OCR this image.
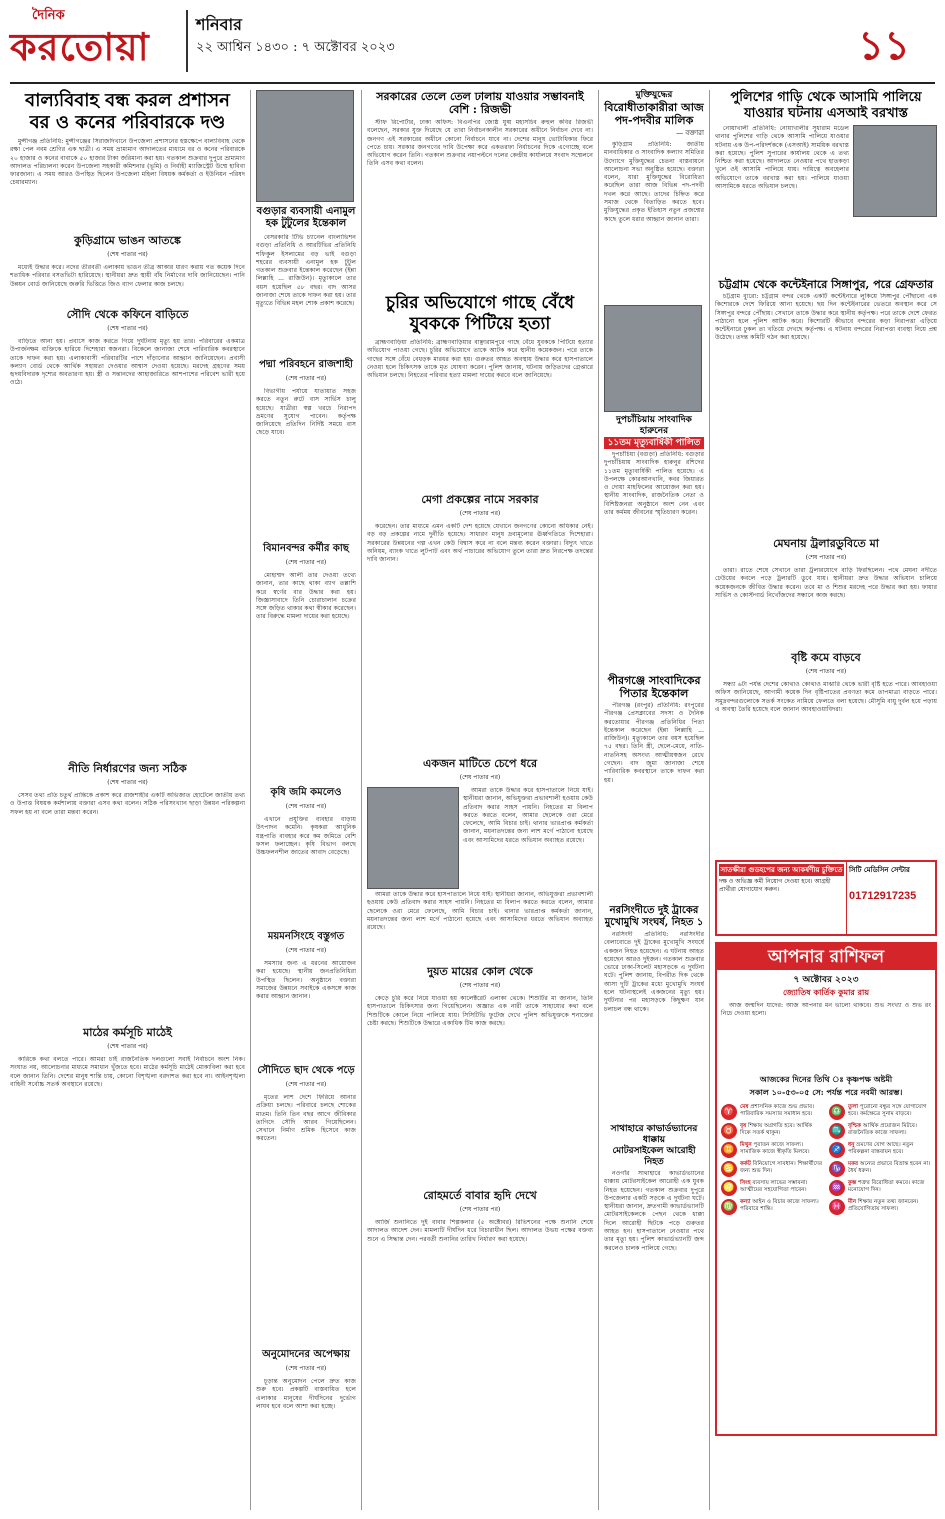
দৈনিক
করতোয়া	শনিবার
২২ আশ্বিন ১৪৩০ : ৭ অক্টোবর ২০২৩	১১
বাল্যবিবাহ বন্ধ করল প্রশাসন
বর ও কনের পরিবারকে দণ্ড

মুন্সীগঞ্জ প্রতিনিধি: মুন্সীগঞ্জের সিরাজদিখানে উপজেলা প্রশাসনের হস্তক্ষেপে বাল্যবিবাহ থেকে রক্ষা পেল নবম শ্রেণির এক ছাত্রী। এ সময় ভ্রাম্যমাণ আদালতের মাধ্যমে বর ও কনের পরিবারকে ২০ হাজার ও কনের বাবাকে ৫০ হাজার টাকা জরিমানা করা হয়। গতকাল শুক্রবার দুপুরে ভ্রাম্যমাণ আদালত পরিচালনা করেন উপজেলা সহকারী কমিশনার (ভূমি) ও নির্বাহী ম্যাজিস্ট্রেট উম্মে হাবিবা ফারজানা। এ সময় আরও উপস্থিত ছিলেন উপজেলা মহিলা বিষয়ক কর্মকর্তা ও ইউনিয়ন পরিষদ চেয়ারম্যান।

কুড়িগ্রামে ভাঙন আতঙ্কে
(শেষ পাতার পর)

মধ্যেই উদ্ধার করে। নদের তীরবর্তী এলাকায় ভাঙন তীব্র আকার ধারণ করায় গত কয়েক দিনে শতাধিক পরিবার বসতভিটা হারিয়েছে। স্থানীয়রা দ্রুত স্থায়ী বাঁধ নির্মাণের দাবি জানিয়েছেন। পানি উন্নয়ন বোর্ড জানিয়েছে জরুরি ভিত্তিতে জিও ব্যাগ ফেলার কাজ চলছে।

সৌদি থেকে কফিনে বাড়িতে
(শেষ পাতার পর)

বাড়িতে আনা হয়। প্রবাসে কাজ করতে গিয়ে দুর্ঘটনায় মৃত্যু হয় তার। পরিবারের একমাত্র উপার্জনক্ষম ব্যক্তিকে হারিয়ে দিশেহারা স্বজনরা। বিকেলে জানাজা শেষে পারিবারিক কবরস্থানে তাকে দাফন করা হয়। এলাকাবাসী পরিবারটির পাশে দাঁড়ানোর আহ্বান জানিয়েছেন। প্রবাসী কল্যাণ বোর্ড থেকে আর্থিক সহায়তা দেওয়ার আশ্বাস দেওয়া হয়েছে। মরদেহ গ্রহণের সময় হৃদয়বিদারক দৃশ্যের অবতারণা হয়। স্ত্রী ও সন্তানদের আহাজারিতে আশপাশের পরিবেশ ভারী হয়ে ওঠে।

নীতি নির্ধারণের জন্য সঠিক
(শেষ পাতার পর)

সেসব তথ্য প্রতি চতুর্থ প্রান্তিকে প্রকাশ করে রাজশাহীর একটি অভিজাত হোটেলে জাতীয় তথ্য ও উপাত্ত বিষয়ক কর্মশালায় বক্তারা এসব কথা বলেন। সঠিক পরিসংখ্যান ছাড়া উন্নয়ন পরিকল্পনা সফল হয় না বলে তারা মন্তব্য করেন।

মাঠের কর্মসূচি মাঠেই
(শেষ পাতার পর)

কারিকে কথা বলতে পারে। আমরা চাই রাজনৈতিক দলগুলো সবাই নির্বাচনে অংশ নিক। সংঘাত নয়, আলোচনার মাধ্যমে সমাধান খুঁজতে হবে। মাঠের কর্মসূচি মাঠেই মোকাবিলা করা হবে বলে জানান তিনি। দেশের মানুষ শান্তি চায়, কোনো বিশৃঙ্খলা বরদাশত করা হবে না। আইনশৃঙ্খলা বাহিনী সর্বোচ্চ সতর্ক অবস্থানে রয়েছে।

বগুড়ার ব্যবসায়ী এনামুল হক টুটুলের ইন্তেকাল

বেসরকারি টিভি চ্যানেল বাংলাভিশন বগুড়া প্রতিনিধি ও আরটিভির প্রতিনিধি শফিকুল ইসলামের বড় ভাই বগুড়া শহরের ব্যবসায়ী এনামুল হক টুটুল গতকাল শুক্রবার ইন্তেকাল করেছেন (ইন্না লিল্লাহি ... রাজিউন)। মৃত্যুকালে তার বয়স হয়েছিল ৫৮ বছর। বাদ আসর জানাজা শেষে তাকে দাফন করা হয়। তার মৃত্যুতে বিভিন্ন মহল শোক প্রকাশ করেছে।

পদ্মা পরিবহনে রাজশাহী
(শেষ পাতার পর)

বিভাগীয় পর্যায়ে যাতায়াত সহজ করতে নতুন রুটে বাস সার্ভিস চালু হয়েছে। যাত্রীরা স্বল্প খরচে নিরাপদ ভ্রমণের সুযোগ পাবেন। কর্তৃপক্ষ জানিয়েছে প্রতিদিন নির্দিষ্ট সময়ে বাস ছেড়ে যাবে।

বিমানবন্দর কর্মীর কাছ
(শেষ পাতার পর)

মোহাম্মদ আলী তার দেওয়া তথ্যে জানান, তার কাছে থাকা ব্যাগ তল্লাশি করে স্বর্ণের বার উদ্ধার করা হয়। জিজ্ঞাসাবাদে তিনি চোরাচালান চক্রের সঙ্গে জড়িত থাকার কথা স্বীকার করেছেন। তার বিরুদ্ধে মামলা দায়ের করা হয়েছে।

কৃষি জমি কমলেও
(শেষ পাতার পর)

এখানে প্রযুক্তির ব্যবহার বাড়ায় উৎপাদন কমেনি। কৃষকরা আধুনিক যন্ত্রপাতি ব্যবহার করে কম জমিতে বেশি ফসল ফলাচ্ছেন। কৃষি বিভাগ বলছে উচ্চফলনশীল জাতের আবাদ বেড়েছে।

ময়মনসিংহে বস্তুগত
(শেষ পাতার পর)

সমস্যার জন্য এ ধরনের আয়োজন করা হয়েছে। স্থানীয় জনপ্রতিনিধিরা উপস্থিত ছিলেন। অনুষ্ঠানে বক্তারা সমাজের উন্নয়নে সবাইকে একসঙ্গে কাজ করার আহ্বান জানান।

সৌদিতে ছাদ থেকে পড়ে
(শেষ পাতার পর)

মৃতের লাশ দেশে ফিরিয়ে আনার প্রক্রিয়া চলছে। পরিবারে চলছে শোকের মাতম। তিনি তিন বছর আগে জীবিকার তাগিদে সৌদি আরব গিয়েছিলেন। সেখানে নির্মাণ শ্রমিক হিসেবে কাজ করতেন।

অনুমোদনের অপেক্ষায়
(শেষ পাতার পর)

চূড়ান্ত অনুমোদন পেলে দ্রুত কাজ শুরু হবে। প্রকল্পটি বাস্তবায়িত হলে এলাকার মানুষের দীর্ঘদিনের দুর্ভোগ লাঘব হবে বলে আশা করা হচ্ছে।

সরকারের তেলে তেল ঢালায় যাওয়ার সম্ভাবনাই বেশি : রিজভী

স্টাফ রিপোর্টার, ঢাকা অফিস: বিএনপির জ্যেষ্ঠ যুগ্ম মহাসচিব রুহুল কবির রিজভী বলেছেন, সরকার যুক্ত দিয়েছে যে তারা নির্বাচনকালীন সরকারের অধীনে নির্বাচন দেবে না। জনগণ এই সরকারের অধীনে কোনো নির্বাচনে যাবে না। দেশের মানুষ ভোটাধিকার ফিরে পেতে চায়। সরকার জনগণের দাবি উপেক্ষা করে একতরফা নির্বাচনের দিকে এগোচ্ছে বলে অভিযোগ করেন তিনি। গতকাল শুক্রবার নয়াপল্টনে দলের কেন্দ্রীয় কার্যালয়ে সংবাদ সম্মেলনে তিনি এসব কথা বলেন।

চুরির অভিযোগে গাছে বেঁধে
যুবককে পিটিয়ে হত্যা

ব্রাহ্মণবাড়িয়া প্রতিনিধি: ব্রাহ্মণবাড়িয়ার বাঞ্ছারামপুরে গাছে বেঁধে যুবককে পিটিয়ে হত্যার অভিযোগ পাওয়া গেছে। চুরির অভিযোগে তাকে আটক করে স্থানীয় কয়েকজন। পরে তাকে গাছের সঙ্গে বেঁধে বেধড়ক মারধর করা হয়। গুরুতর আহত অবস্থায় উদ্ধার করে হাসপাতালে নেওয়া হলে চিকিৎসক তাকে মৃত ঘোষণা করেন। পুলিশ জানায়, ঘটনায় জড়িতদের গ্রেপ্তারে অভিযান চলছে। নিহতের পরিবার হত্যা মামলা দায়ের করবে বলে জানিয়েছে।

মেগা প্রকল্পের নামে সরকার
(শেষ পাতার পর)

করেছেন। তার মাধ্যমে এমন একটি দেশ হয়েছে যেখানে জনগণের কোনো অধিকার নেই। বড় বড় প্রকল্পের নামে দুর্নীতি হয়েছে। সাধারণ মানুষ দ্রব্যমূল্যের ঊর্ধ্বগতিতে দিশেহারা। সরকারের উন্নয়নের গল্প এখন কেউ বিশ্বাস করে না বলে মন্তব্য করেন বক্তারা। বিদ্যুৎ খাতে অনিয়ম, ব্যাংক খাতে লুটপাট এবং অর্থ পাচারের অভিযোগ তুলে তারা দ্রুত নিরপেক্ষ তদন্তের দাবি জানান।

একজন মাটিতে চেপে ধরে
(শেষ পাতার পর)

আমরা তাকে উদ্ধার করে হাসপাতালে নিয়ে যাই। স্থানীয়রা জানান, অভিযুক্তরা প্রভাবশালী হওয়ায় কেউ প্রতিবাদ করার সাহস পায়নি। নিহতের মা বিলাপ করতে করতে বলেন, আমার ছেলেকে ওরা মেরে ফেলেছে, আমি বিচার চাই। থানার ভারপ্রাপ্ত কর্মকর্তা জানান, ময়নাতদন্তের জন্য লাশ মর্গে পাঠানো হয়েছে এবং আসামিদের ধরতে অভিযান অব্যাহত রয়েছে।

আমরা তাকে উদ্ধার করে হাসপাতালে নিয়ে যাই। স্থানীয়রা জানান, অভিযুক্তরা প্রভাবশালী হওয়ায় কেউ প্রতিবাদ করার সাহস পায়নি। নিহতের মা বিলাপ করতে করতে বলেন, আমার ছেলেকে ওরা মেরে ফেলেছে, আমি বিচার চাই। থানার ভারপ্রাপ্ত কর্মকর্তা জানান, ময়নাতদন্তের জন্য লাশ মর্গে পাঠানো হয়েছে এবং আসামিদের ধরতে অভিযান অব্যাহত রয়েছে।

দুয়ত মায়ের কোল থেকে
(শেষ পাতার পর)

কেড়ে চুরি করে নিয়ে যাওয়া হয় কালেক্টরেট এলাকা থেকে। শিশুটির মা জানান, তিনি হাসপাতালে চিকিৎসার জন্য গিয়েছিলেন। অজ্ঞাত এক নারী তাকে সাহায্যের কথা বলে শিশুটিকে কোলে নিয়ে পালিয়ে যায়। সিসিটিভি ফুটেজ দেখে পুলিশ অভিযুক্তকে শনাক্তের চেষ্টা করছে। শিশুটিকে উদ্ধারে একাধিক টিম কাজ করছে।

রোহমর্তে বাবার হৃদি দেখে
(শেষ পাতার পর)

আর্জি শুনানিতে দুই বাবার শিল্পকলার (৫ অক্টোবর) রিভিশনের পক্ষে শুনানি শেষে আদালত আদেশ দেন। মামলাটি দীর্ঘদিন ধরে বিচারাধীন ছিল। আদালত উভয় পক্ষের বক্তব্য শুনে এ সিদ্ধান্ত দেন। পরবর্তী শুনানির তারিখ নির্ধারণ করা হয়েছে।

মুক্তিযুদ্ধের
বিরোধীতাকারীরা আজ
পদ-পদবীর মালিক
— বক্তারা

কুড়িগ্রাম প্রতিনিধি: জাতীয় মানবাধিকার ও সাংবাদিক কল্যাণ সমিতির উদ্যোগে মুক্তিযুদ্ধের চেতনা বাস্তবায়নে আলোচনা সভা অনুষ্ঠিত হয়েছে। বক্তারা বলেন, যারা মুক্তিযুদ্ধের বিরোধিতা করেছিল তারা আজ বিভিন্ন পদ-পদবী দখল করে আছে। তাদের চিহ্নিত করে সমাজ থেকে বিতাড়িত করতে হবে। মুক্তিযুদ্ধের প্রকৃত ইতিহাস নতুন প্রজন্মের কাছে তুলে ধরার আহ্বান জানান তারা।

দুপচাঁচিয়ায় সাংবাদিক হারুনের
১১তম মৃত্যুবার্ষিকী পালিত

দুপচাঁচিয়া (বগুড়া) প্রতিনিধি: বগুড়ার দুপচাঁচিয়ায় সাংবাদিক হারুনুর রশিদের ১১তম মৃত্যুবার্ষিকী পালিত হয়েছে। এ উপলক্ষে কোরআনখানি, কবর জিয়ারত ও দোয়া মাহফিলের আয়োজন করা হয়। স্থানীয় সাংবাদিক, রাজনৈতিক নেতা ও বিশিষ্টজনরা অনুষ্ঠানে অংশ নেন এবং তার কর্মময় জীবনের স্মৃতিচারণ করেন।

পীরগঞ্জে সাংবাদিকের
পিতার ইন্তেকাল

পীরগঞ্জ (রংপুর) প্রতিনিধি: রংপুরের পীরগঞ্জ প্রেসক্লাবের সদস্য ও দৈনিক করতোয়ার পীরগঞ্জ প্রতিনিধির পিতা ইন্তেকাল করেছেন (ইন্না লিল্লাহি ... রাজিউন)। মৃত্যুকালে তার বয়স হয়েছিল ৭৫ বছর। তিনি স্ত্রী, ছেলে-মেয়ে, নাতি-নাতনিসহ অসংখ্য আত্মীয়স্বজন রেখে গেছেন। বাদ জুমা জানাজা শেষে পারিবারিক কবরস্থানে তাকে দাফন করা হয়।

নরসিংদীতে দুই ট্রাকের
মুখোমুখি সংঘর্ষ, নিহত ১

নরসিংদী প্রতিনিধি: নরসিংদীর বেলাবোতে দুই ট্রাকের মুখোমুখি সংঘর্ষে একজন নিহত হয়েছেন। এ ঘটনায় আহত হয়েছেন আরও দুইজন। গতকাল শুক্রবার ভোরে ঢাকা-সিলেট মহাসড়কে এ দুর্ঘটনা ঘটে। পুলিশ জানায়, বিপরীত দিক থেকে আসা দুটি ট্রাকের মধ্যে মুখোমুখি সংঘর্ষ হলে ঘটনাস্থলেই একজনের মৃত্যু হয়। দুর্ঘটনার পর মহাসড়কে কিছুক্ষণ যান চলাচল বন্ধ থাকে।

সাথাহারে কাভার্ডভ্যানের ধাক্কায়
মোটরসাইকেল আরোহী নিহত

নওগাঁর সাথাহারে কাভার্ডভ্যানের ধাক্কায় মোটরসাইকেল আরোহী এক যুবক নিহত হয়েছেন। গতকাল শুক্রবার দুপুরে উপজেলার একটি সড়কে এ দুর্ঘটনা ঘটে। স্থানীয়রা জানান, দ্রুতগামী কাভার্ডভ্যানটি মোটরসাইকেলকে পেছন থেকে ধাক্কা দিলে আরোহী ছিটকে পড়ে গুরুতর আহত হন। হাসপাতালে নেওয়ার পথে তার মৃত্যু হয়। পুলিশ কাভার্ডভ্যানটি জব্দ করলেও চালক পালিয়ে গেছে।

পুলিশের গাড়ি থেকে আসামি পালিয়ে
যাওয়ার ঘটনায় এসআই বরখাস্ত

নোয়াখালী প্রতিনিধি: নোয়াখালীর সুধারাম মডেল থানার পুলিশের গাড়ি থেকে আসামি পালিয়ে যাওয়ার ঘটনায় এক উপ-পরিদর্শককে (এসআই) সাময়িক বরখাস্ত করা হয়েছে। পুলিশ সুপারের কার্যালয় থেকে এ তথ্য নিশ্চিত করা হয়েছে। আদালতে নেওয়ার পথে হাতকড়া খুলে ওই আসামি পালিয়ে যায়। দায়িত্বে অবহেলার অভিযোগে তাকে বরখাস্ত করা হয়। পালিয়ে যাওয়া আসামিকে ধরতে অভিযান চলছে।

চট্টগ্রাম থেকে কন্টেইনারে সিঙ্গাপুর, পরে গ্রেফতার

চট্টগ্রাম ব্যুরো: চট্টগ্রাম বন্দর থেকে একটি কন্টেইনারে লুকিয়ে সিঙ্গাপুর পৌঁছানো এক কিশোরকে দেশে ফিরিয়ে আনা হয়েছে। ছয় দিন কন্টেইনারের ভেতরে অবস্থান করে সে সিঙ্গাপুর বন্দরে পৌঁছায়। সেখানে তাকে উদ্ধার করে স্থানীয় কর্তৃপক্ষ। পরে তাকে দেশে ফেরত পাঠানো হলে পুলিশ আটক করে। কিশোরটি কীভাবে বন্দরের কড়া নিরাপত্তা এড়িয়ে কন্টেইনারে ঢুকল তা খতিয়ে দেখছে কর্তৃপক্ষ। এ ঘটনায় বন্দরের নিরাপত্তা ব্যবস্থা নিয়ে প্রশ্ন উঠেছে। তদন্ত কমিটি গঠন করা হয়েছে।

মেঘনায় ট্রলারডুবিতে মা
(শেষ পাতার পর)

তারা। রাতে শেষে সেখানে তারা ট্রলারযোগে বাড়ি ফিরছিলেন। পথে মেঘনা নদীতে ঢেউয়ের কবলে পড়ে ট্রলারটি ডুবে যায়। স্থানীয়রা দ্রুত উদ্ধার অভিযান চালিয়ে কয়েকজনকে জীবিত উদ্ধার করেন। তবে মা ও শিশুর মরদেহ পরে উদ্ধার করা হয়। ফায়ার সার্ভিস ও কোস্টগার্ড নিখোঁজদের সন্ধানে কাজ করছে।

বৃষ্টি কমে বাড়বে
(শেষ পাতার পর)

সন্ধ্যা ৬টা পর্যন্ত দেশের কোথাও কোথাও মাঝারি থেকে ভারী বৃষ্টি হতে পারে। আবহাওয়া অফিস জানিয়েছে, আগামী কয়েক দিন বৃষ্টিপাতের প্রবণতা কমে তাপমাত্রা বাড়তে পারে। সমুদ্রবন্দরগুলোকে সতর্ক সংকেত নামিয়ে ফেলতে বলা হয়েছে। মৌসুমি বায়ু দুর্বল হয়ে পড়ায় এ অবস্থা তৈরি হয়েছে বলে জানান আবহাওয়াবিদরা।

সাতক্ষীরা গুডহপের জন্য আকর্ষণীয় চুক্তিতে
দক্ষ ও অভিজ্ঞ কর্মী নিয়োগ দেওয়া হবে। আগ্রহী প্রার্থীরা যোগাযোগ করুন।
সিটি মেডিসিন সেন্টার
01712917235
আপনার রাশিফল
৭ অক্টোবর ২০২৩
জ্যোতিষ কার্তিক কুমার রায়

আজ জন্মদিন যাদের: আজ আপনার মন ভালো থাকবে। শুভ সংখ্যা ও শুভ রং নিচে দেওয়া হলো।

আজকের দিনের তিথি ঃ কৃষ্ণপক্ষ অষ্টমী
সকাল ১০-৫৩-০৫ সে: পর্যন্ত পরে নবমী আরম্ভ।
♈ মেষ প্রশাসনিক কাজে শুভ প্রভাব। পারিবারিক সমস্যার সমাধান হবে।	♎ তুলা পুরোনো বন্ধুর সঙ্গে যোগাযোগ হবে। কর্মক্ষেত্রে সুনাম বাড়বে।
♉ বৃষ শিক্ষায় অগ্রগতি হবে। আর্থিক দিকে সতর্ক থাকুন।	♏ বৃশ্চিক আর্থিক প্রয়োজন মিটবে। রাজনৈতিক কাজে সাফল্য।
♊ মিথুন পুরাতন কাজে সাফল্য। সামাজিক কাজে স্বীকৃতি মিলবে।	♐ ধনু ভ্রমণের যোগ আছে। নতুন পরিকল্পনা বাস্তবায়ন হবে।
♋ কর্কট বিনিয়োগে সাবধান। শিক্ষার্থীদের জন্য শুভ দিন।	♑ মকর অন্যের প্রভাবে বিভ্রান্ত হবেন না। ধৈর্য ধরুন।
♌ সিংহ ব্যবসায় লাভের সম্ভাবনা। আত্মীয়ের সহযোগিতা পাবেন।	♒ কুম্ভ শত্রুর বিরোধিতা কমবে। কাজে মনোযোগ দিন।
♍ কন্যা আইন ও বিচার কাজে সাফল্য। পরিবারে শান্তি।	♓ মীন শিক্ষায় নতুন তথ্য জানবেন। প্রতিযোগিতায় সাফল্য।
